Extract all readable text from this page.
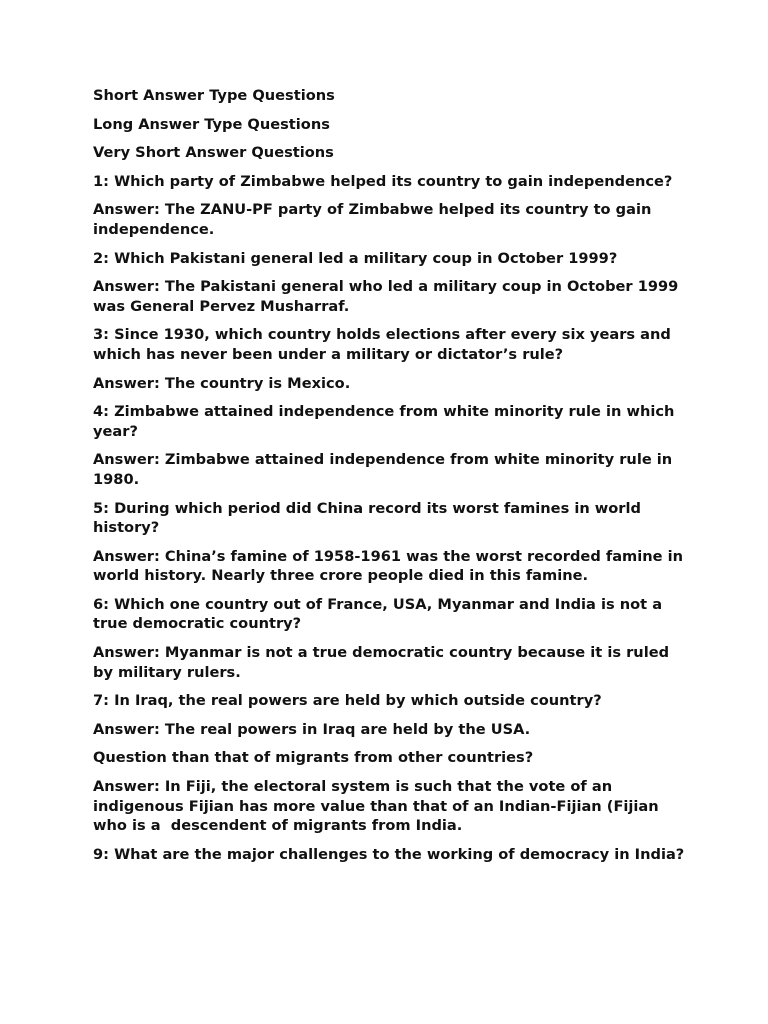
Short Answer Type Questions

Long Answer Type Questions

Very Short Answer Questions

1: Which party of Zimbabwe helped its country to gain independence?

Answer: The ZANU-PF party of Zimbabwe helped its country to gain independence.

2: Which Pakistani general led a military coup in October 1999?

Answer: The Pakistani general who led a military coup in October 1999 was General Pervez Musharraf.

3: Since 1930, which country holds elections after every six years and which has never been under a military or dictator’s rule?

Answer: The country is Mexico.

4: Zimbabwe attained independence from white minority rule in which year?

Answer: Zimbabwe attained independence from white minority rule in 1980.

5: During which period did China record its worst famines in world history?

Answer: China’s famine of 1958-1961 was the worst recorded famine in world history. Nearly three crore people died in this famine.

6: Which one country out of France, USA, Myanmar and India is not a true democratic country?

Answer: Myanmar is not a true democratic country because it is ruled by military rulers.

7: In Iraq, the real powers are held by which outside country?

Answer: The real powers in Iraq are held by the USA.

Question than that of migrants from other countries?

Answer: In Fiji, the electoral system is such that the vote of an indigenous Fijian has more value than that of an Indian-Fijian (Fijian who is a  descendent of migrants from India.

9: What are the major challenges to the working of democracy in India?
